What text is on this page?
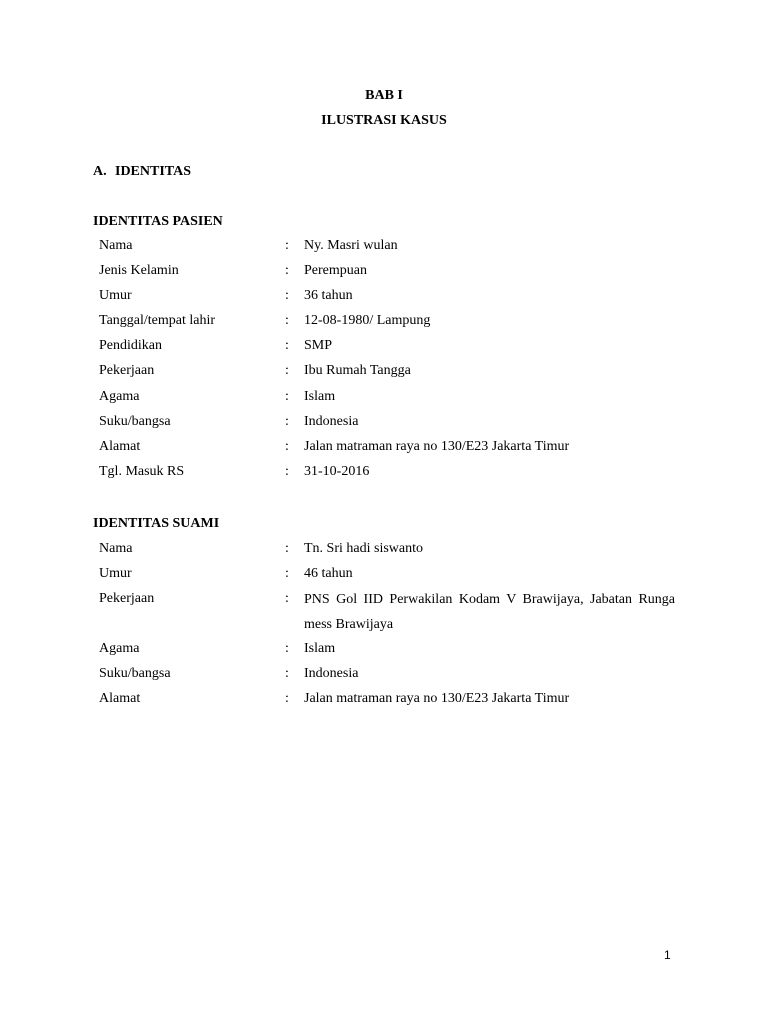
BAB I
ILUSTRASI KASUS
A. IDENTITAS
IDENTITAS PASIEN
Nama	: Ny. Masri wulan
Jenis Kelamin	: Perempuan
Umur	: 36 tahun
Tanggal/tempat lahir	: 12-08-1980/ Lampung
Pendidikan	: SMP
Pekerjaan	: Ibu Rumah Tangga
Agama	: Islam
Suku/bangsa	: Indonesia
Alamat	: Jalan matraman raya no 130/E23 Jakarta Timur
Tgl. Masuk RS	: 31-10-2016
IDENTITAS SUAMI
Nama	: Tn. Sri hadi siswanto
Umur	: 46 tahun
Pekerjaan	: PNS Gol IID Perwakilan Kodam V Brawijaya, Jabatan Runga mess Brawijaya
Agama	: Islam
Suku/bangsa	: Indonesia
Alamat	: Jalan matraman raya no 130/E23 Jakarta Timur
1
